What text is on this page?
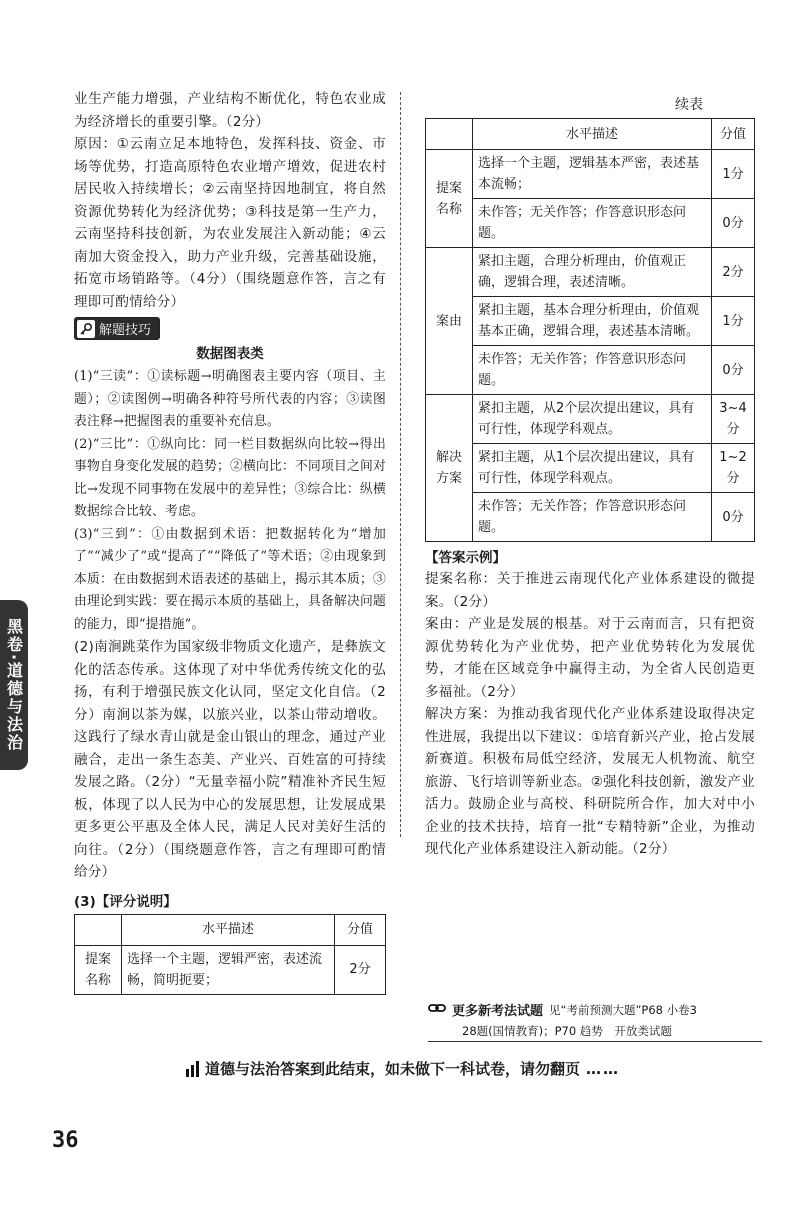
黑卷·道德与法治

业生产能力增强，产业结构不断优化，特色农业成为经济增长的重要引擎。（2分）

原因：①云南立足本地特色，发挥科技、资金、市场等优势，打造高原特色农业增产增效，促进农村居民收入持续增长；②云南坚持因地制宜，将自然资源优势转化为经济优势；③科技是第一生产力，云南坚持科技创新，为农业发展注入新动能；④云南加大资金投入，助力产业升级，完善基础设施，拓宽市场销路等。（4分）（围绕题意作答，言之有理即可酌情给分）

解题技巧

数据图表类

(1)“三读”：①读标题→明确图表主要内容（项目、主题）；②读图例→明确各种符号所代表的内容；③读图表注释→把握图表的重要补充信息。

(2)“三比”：①纵向比：同一栏目数据纵向比较→得出事物自身变化发展的趋势；②横向比：不同项目之间对比→发现不同事物在发展中的差异性；③综合比：纵横数据综合比较、考虑。

(3)“三到”：①由数据到术语：把数据转化为“增加了”“减少了”或“提高了”“降低了”等术语；②由现象到本质：在由数据到术语表述的基础上，揭示其本质；③由理论到实践：要在揭示本质的基础上，具备解决问题的能力，即“提措施”。

(2)南涧跳菜作为国家级非物质文化遗产，是彝族文化的活态传承。这体现了对中华优秀传统文化的弘扬，有利于增强民族文化认同，坚定文化自信。（2分）南涧以茶为媒，以旅兴业，以茶山带动增收。这践行了绿水青山就是金山银山的理念，通过产业融合，走出一条生态美、产业兴、百姓富的可持续发展之路。（2分）“无量幸福小院”精准补齐民生短板，体现了以人民为中心的发展思想，让发展成果更多更公平惠及全体人民，满足人民对美好生活的向往。（2分）（围绕题意作答，言之有理即可酌情给分）

(3)【评分说明】

	水平描述	分值
提案名称	选择一个主题，逻辑严密，表述流畅，简明扼要；	2分
续表
	水平描述	分值
提案名称	选择一个主题，逻辑基本严密，表述基本流畅；	1分
	未作答；无关作答；作答意识形态问题。	0分
案由	紧扣主题，合理分析理由，价值观正确，逻辑合理，表述清晰。	2分
	紧扣主题，基本合理分析理由，价值观基本正确，逻辑合理，表述基本清晰。	1分
	未作答；无关作答；作答意识形态问题。	0分
解决方案	紧扣主题，从2个层次提出建议，具有可行性，体现学科观点。	3~4分
	紧扣主题，从1个层次提出建议，具有可行性，体现学科观点。	1~2分
	未作答；无关作答；作答意识形态问题。	0分

【答案示例】

提案名称：关于推进云南现代化产业体系建设的微提案。（2分）

案由：产业是发展的根基。对于云南而言，只有把资源优势转化为产业优势，把产业优势转化为发展优势，才能在区域竞争中赢得主动，为全省人民创造更多福祉。（2分）

解决方案：为推动我省现代化产业体系建设取得决定性进展，我提出以下建议：①培育新兴产业，抢占发展新赛道。积极布局低空经济，发展无人机物流、航空旅游、飞行培训等新业态。②强化科技创新，激发产业活力。鼓励企业与高校、科研院所合作，加大对中小企业的技术扶持，培育一批“专精特新”企业，为推动现代化产业体系建设注入新动能。（2分）

更多新考法试题 见“考前预测大题”P68 小卷3
28题(国情教育)；P70 趋势　开放类试题
道德与法治答案到此结束，如未做下一科试卷，请勿翻页 ……
36
